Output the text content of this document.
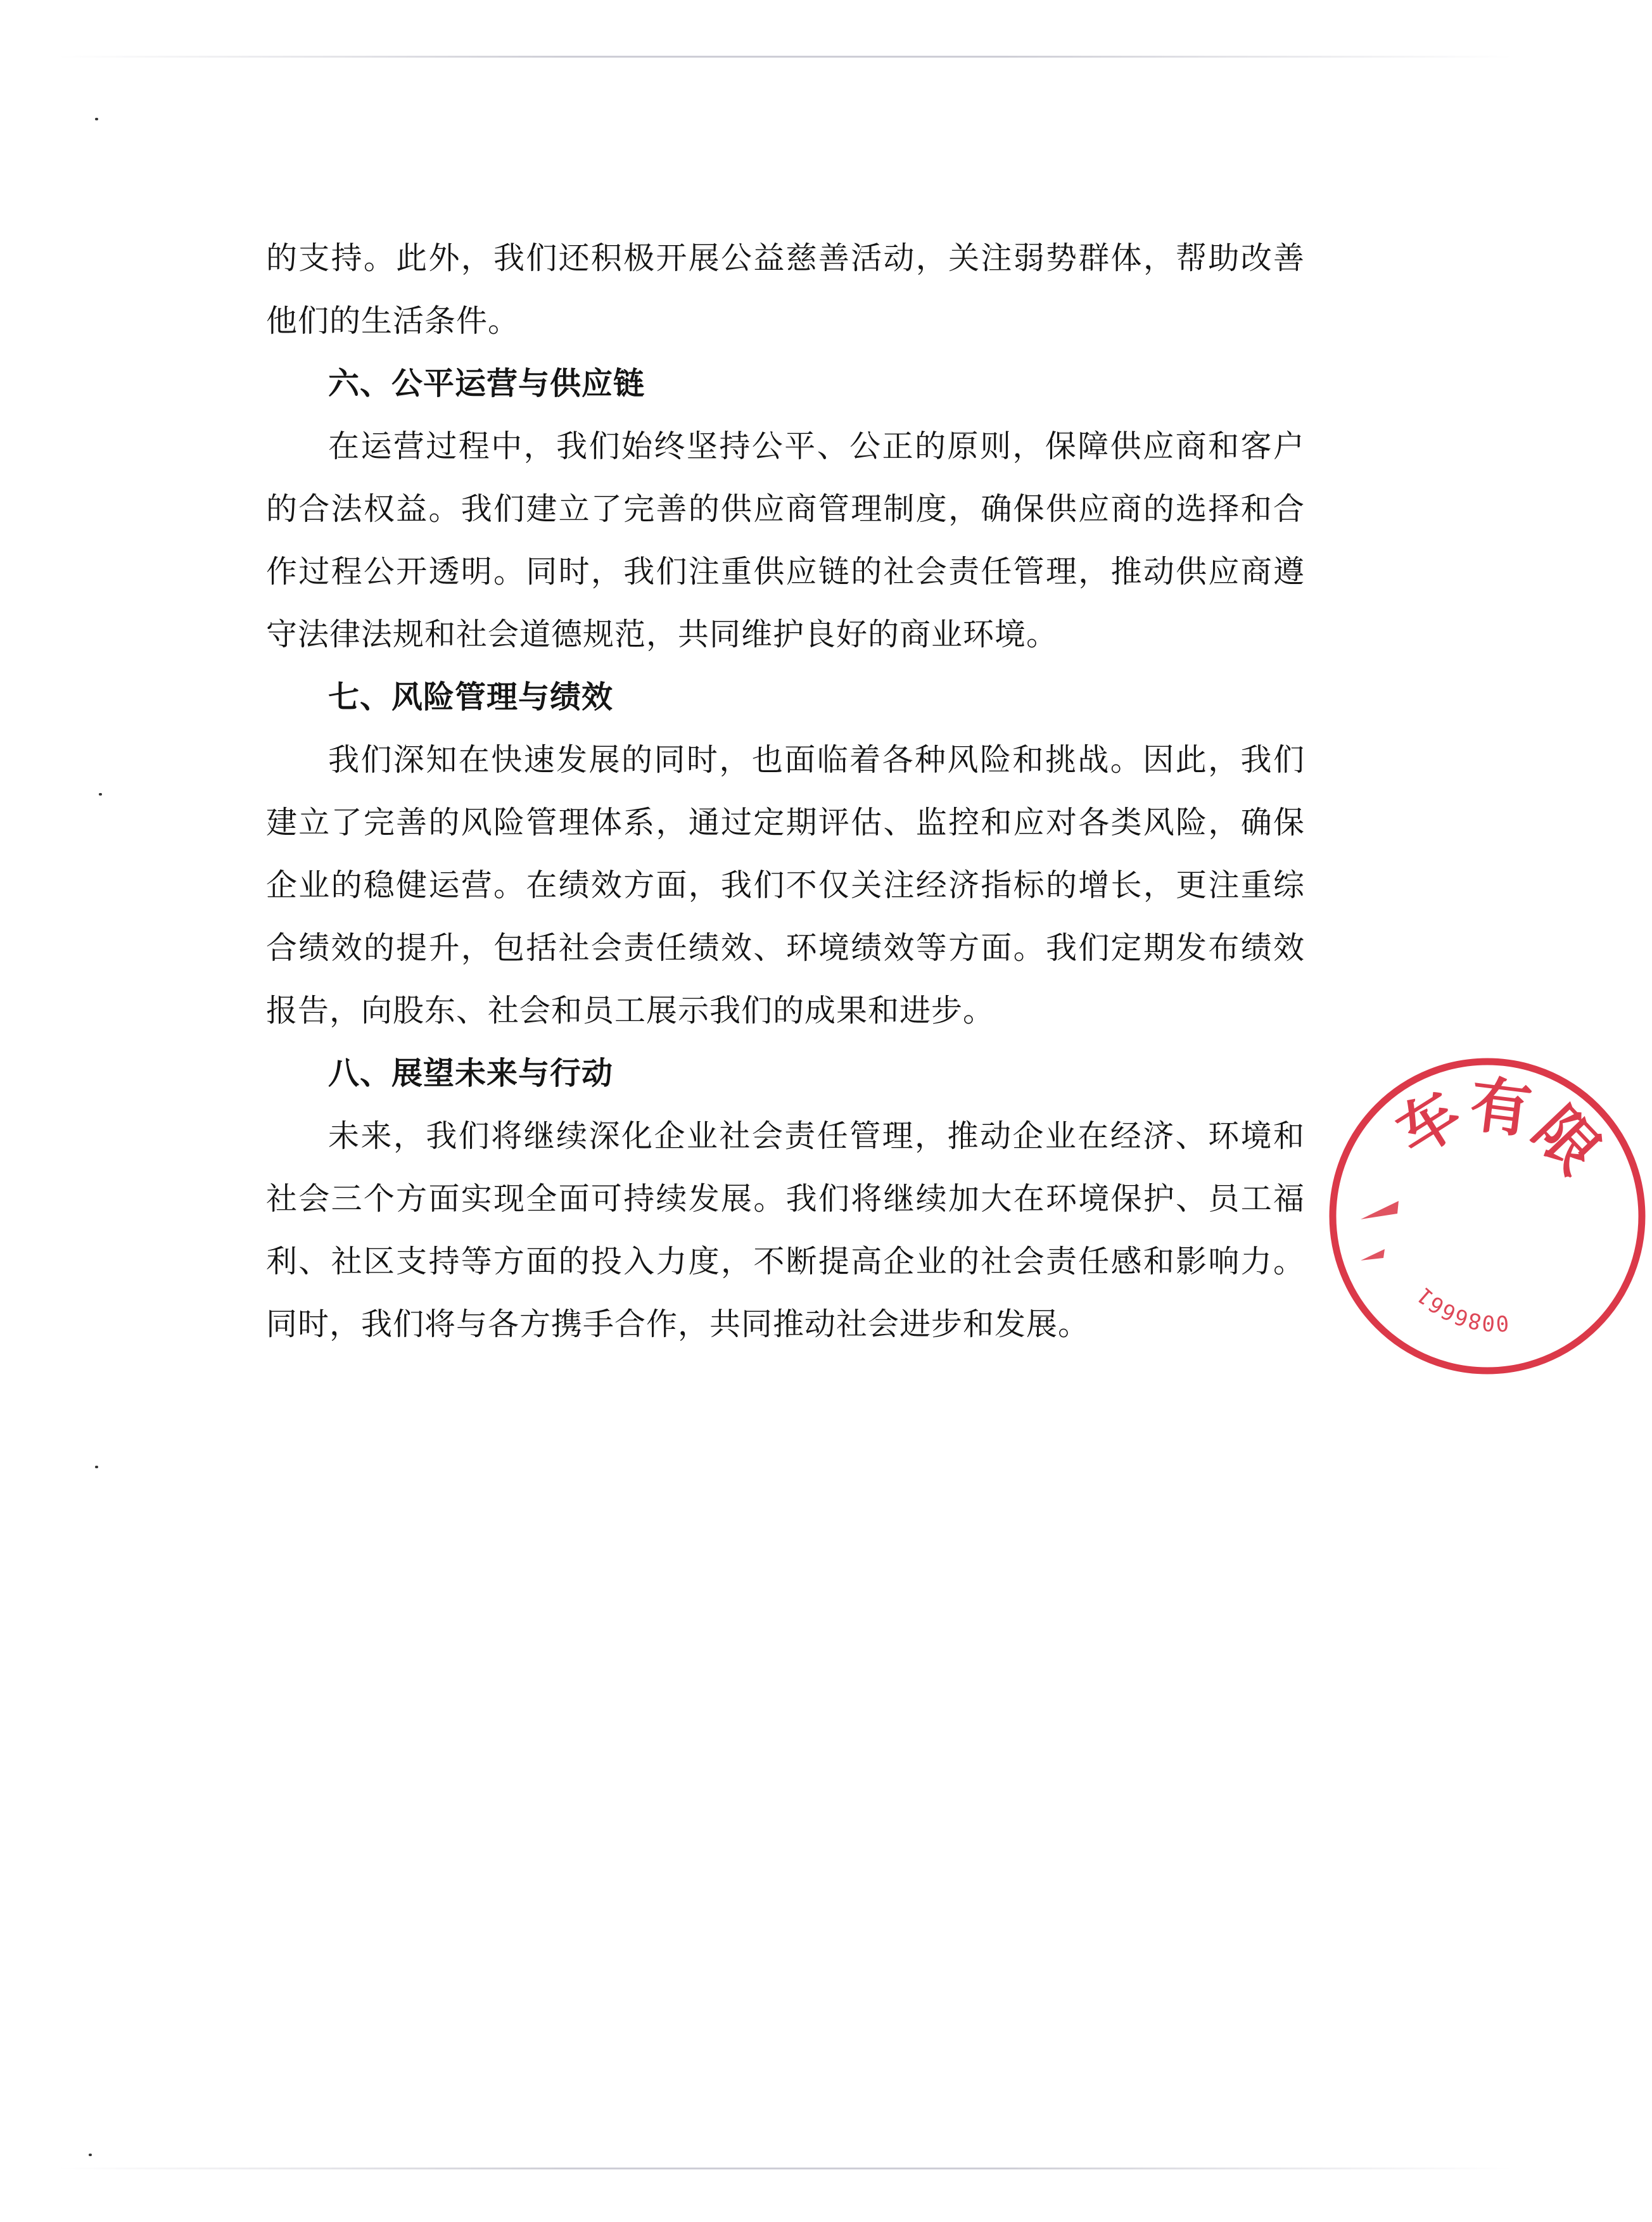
的支持。此外，我们还积极开展公益慈善活动，关注弱势群体，帮助改善他们的生活条件。

六、公平运营与供应链

在运营过程中，我们始终坚持公平、公正的原则，保障供应商和客户的合法权益。我们建立了完善的供应商管理制度，确保供应商的选择和合作过程公开透明。同时，我们注重供应链的社会责任管理，推动供应商遵守法律法规和社会道德规范，共同维护良好的商业环境。

七、风险管理与绩效

我们深知在快速发展的同时，也面临着各种风险和挑战。因此，我们建立了完善的风险管理体系，通过定期评估、监控和应对各类风险，确保企业的稳健运营。在绩效方面，我们不仅关注经济指标的增长，更注重综合绩效的提升，包括社会责任绩效、环境绩效等方面。我们定期发布绩效报告，向股东、社会和员工展示我们的成果和进步。

八、展望未来与行动

未来，我们将继续深化企业社会责任管理，推动企业在经济、环境和社会三个方面实现全面可持续发展。我们将继续加大在环境保护、员工福利、社区支持等方面的投入力度，不断提高企业的社会责任感和影响力。同时，我们将与各方携手合作，共同推动社会进步和发展。

车有限公司
0086661
